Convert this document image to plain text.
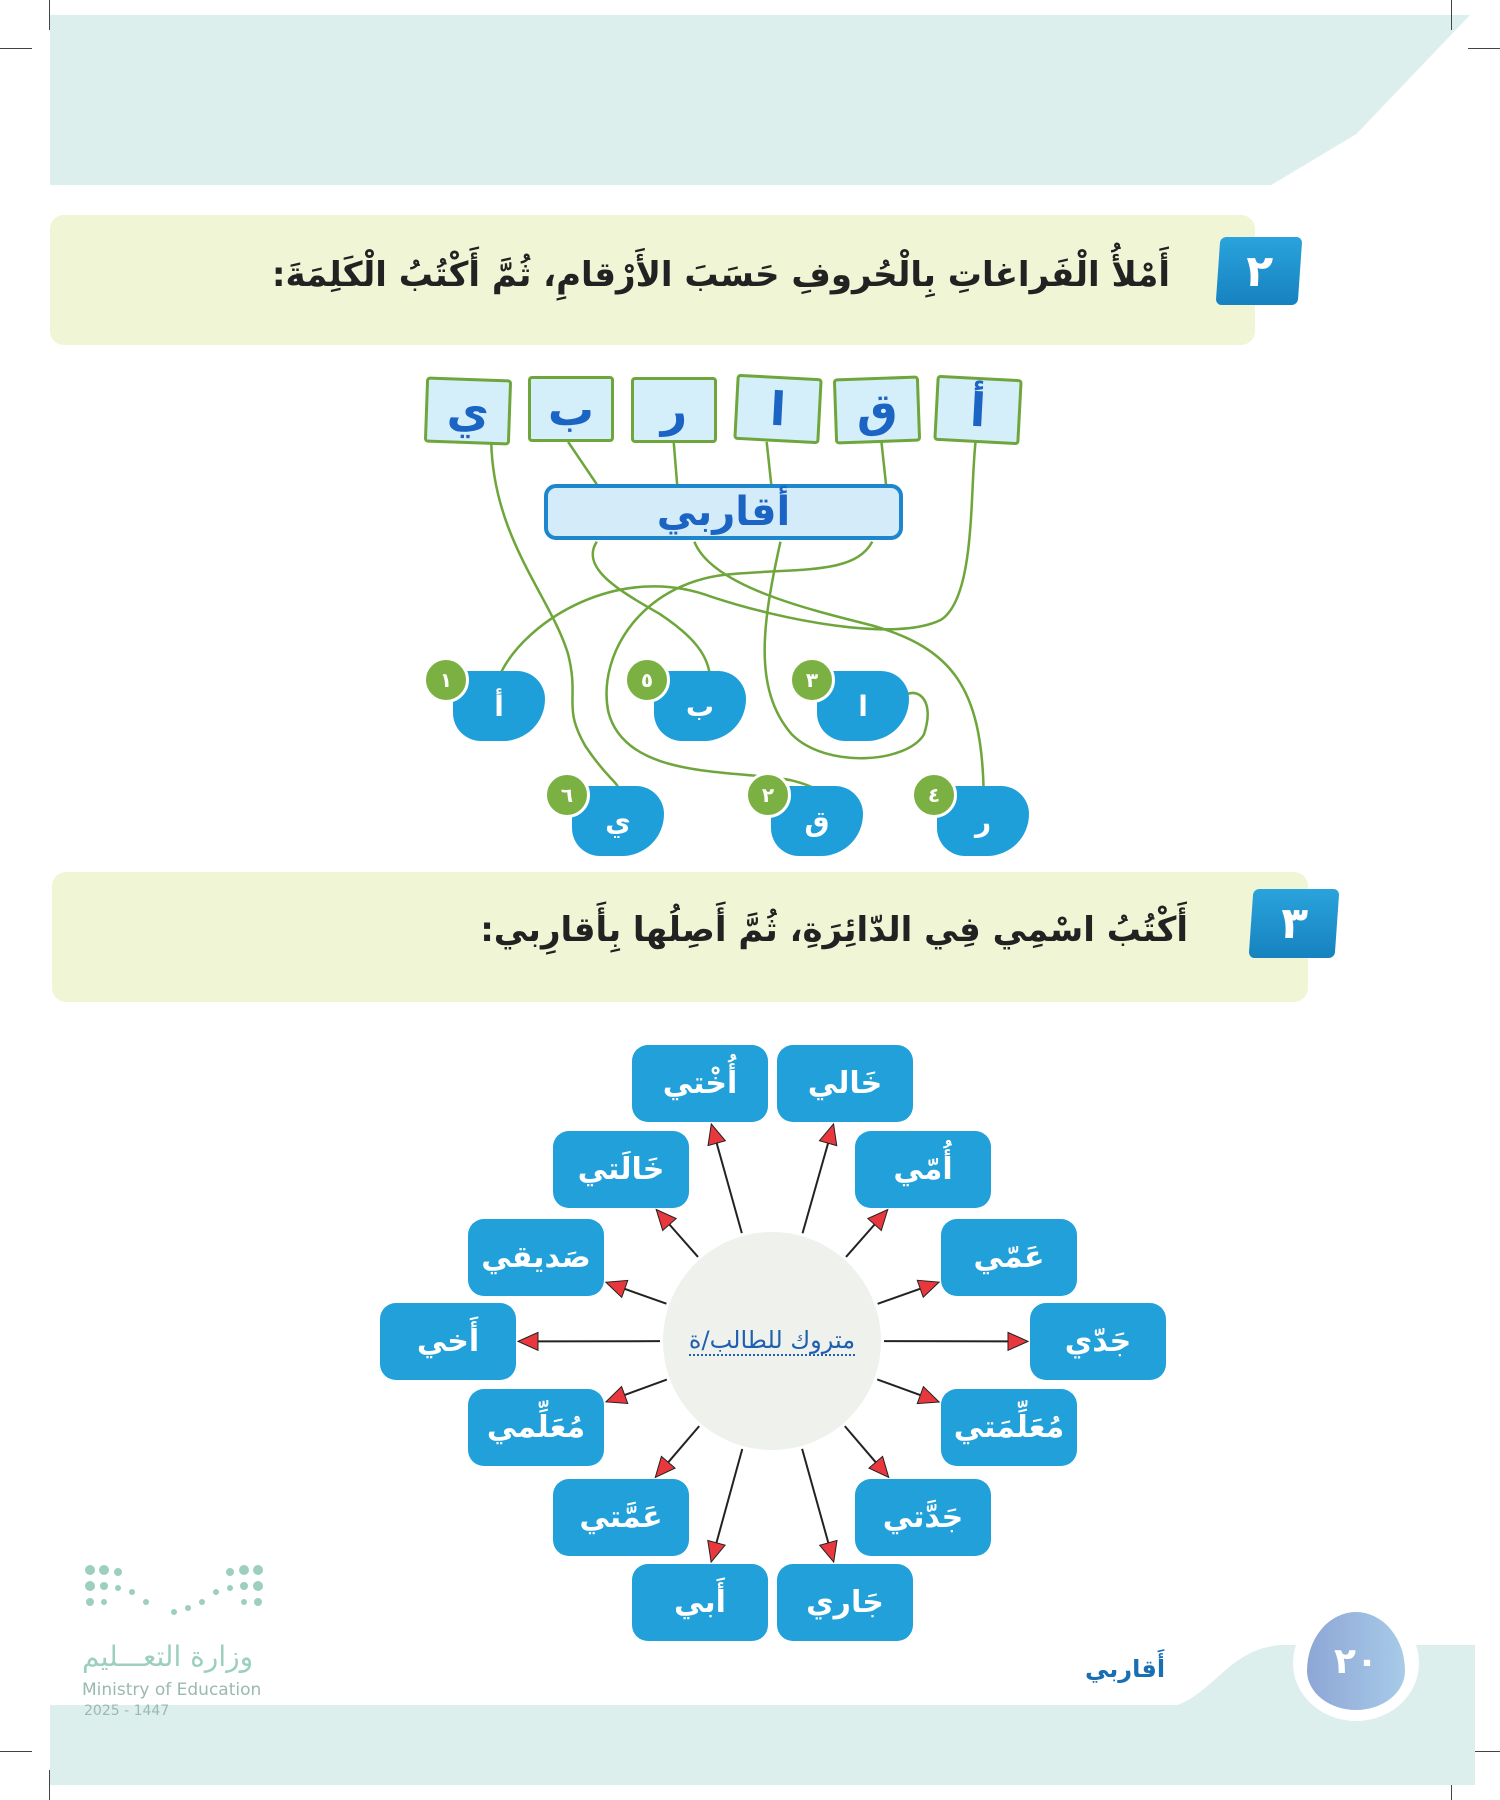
٢
أَمْلأُ الْفَراغاتِ بِالْحُروفِ حَسَبَ الأَرْقامِ، ثُمَّ أَكْتُبُ الْكَلِمَةَ:
ي	ب	ر	ا	ق	أ
أقاربي
أ
١
ب
٥
ا
٣
ي
٦
ق
٢
ر
٤
٣
أَكْتُبُ اسْمِي فِي الدّائِرَةِ، ثُمَّ أَصِلُها بِأَقارِبي:
متروك للطالب/ة
أُخْتي	خَالي
خَالَتي	أُمّي
صَديقي	عَمّي
أَخي	جَدّي
مُعَلِّمي	مُعَلِّمَتي
عَمَّتي	جَدَّتي
أَبي	جَاري
٢٠
أَقاربي
وزارة التعـــليم
Ministry of Education
2025 - 1447
